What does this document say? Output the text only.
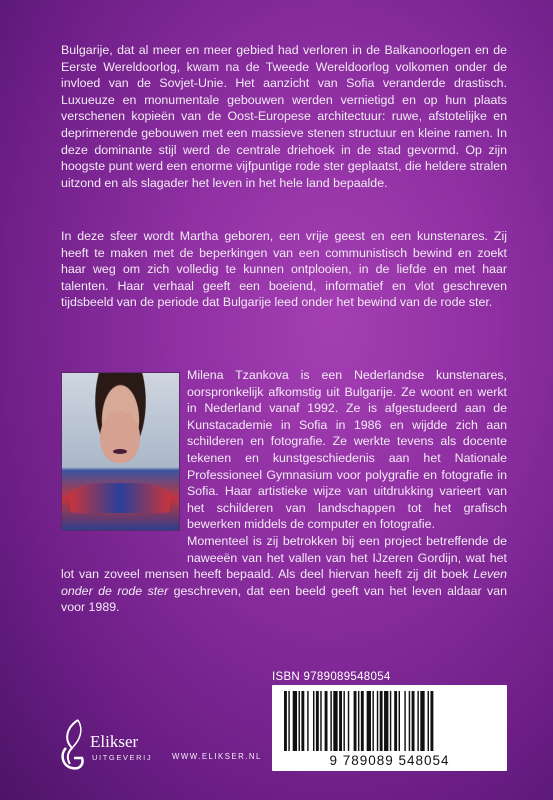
Bulgarije, dat al meer en meer gebied had verloren in de Balkanoorlogen en de Eerste Wereldoorlog, kwam na de Tweede Wereldoorlog volkomen onder de invloed van de Sovjet-Unie. Het aanzicht van Sofia veranderde drastisch. Luxueuze en monumentale gebouwen werden vernietigd en op hun plaats verschenen kopieën van de Oost-Europese architectuur: ruwe, afstotelijke en deprimerende gebouwen met een massieve stenen structuur en kleine ramen. In deze dominante stijl werd de centrale driehoek in de stad gevormd. Op zijn hoogste punt werd een enorme vijfpuntige rode ster geplaatst, die heldere stralen uitzond en als slagader het leven in het hele land bepaalde.

In deze sfeer wordt Martha geboren, een vrije geest en een kunstenares. Zij heeft te maken met de beperkingen van een communistisch bewind en zoekt haar weg om zich volledig te kunnen ontplooien, in de liefde en met haar talenten. Haar verhaal geeft een boeiend, informatief en vlot geschreven tijdsbeeld van de periode dat Bulgarije leed onder het bewind van de rode ster.

Milena Tzankova is een Nederlandse kunstenares, oorspronkelijk afkomstig uit Bulgarije. Ze woont en werkt in Nederland vanaf 1992. Ze is afgestudeerd aan de Kunstacademie in Sofia in 1986 en wijdde zich aan schilderen en fotografie. Ze werkte tevens als docente tekenen en kunstgeschiedenis aan het Nationale Professioneel Gymnasium voor polygrafie en fotografie in Sofia. Haar artistieke wijze van uitdrukking varieert van het schilderen van landschappen tot het grafisch bewerken middels de computer en fotografie.

Momenteel is zij betrokken bij een project betreffende de naweeën van het vallen van het IJzeren Gordijn, wat het lot van zoveel mensen heeft bepaald. Als deel hiervan heeft zij dit boek Leven onder de rode ster geschreven, dat een beeld geeft van het leven aldaar van voor 1989.

ISBN 9789089548054
9 789089 548054
Elikser
UITGEVERIJ	WWW.ELIKSER.NL
